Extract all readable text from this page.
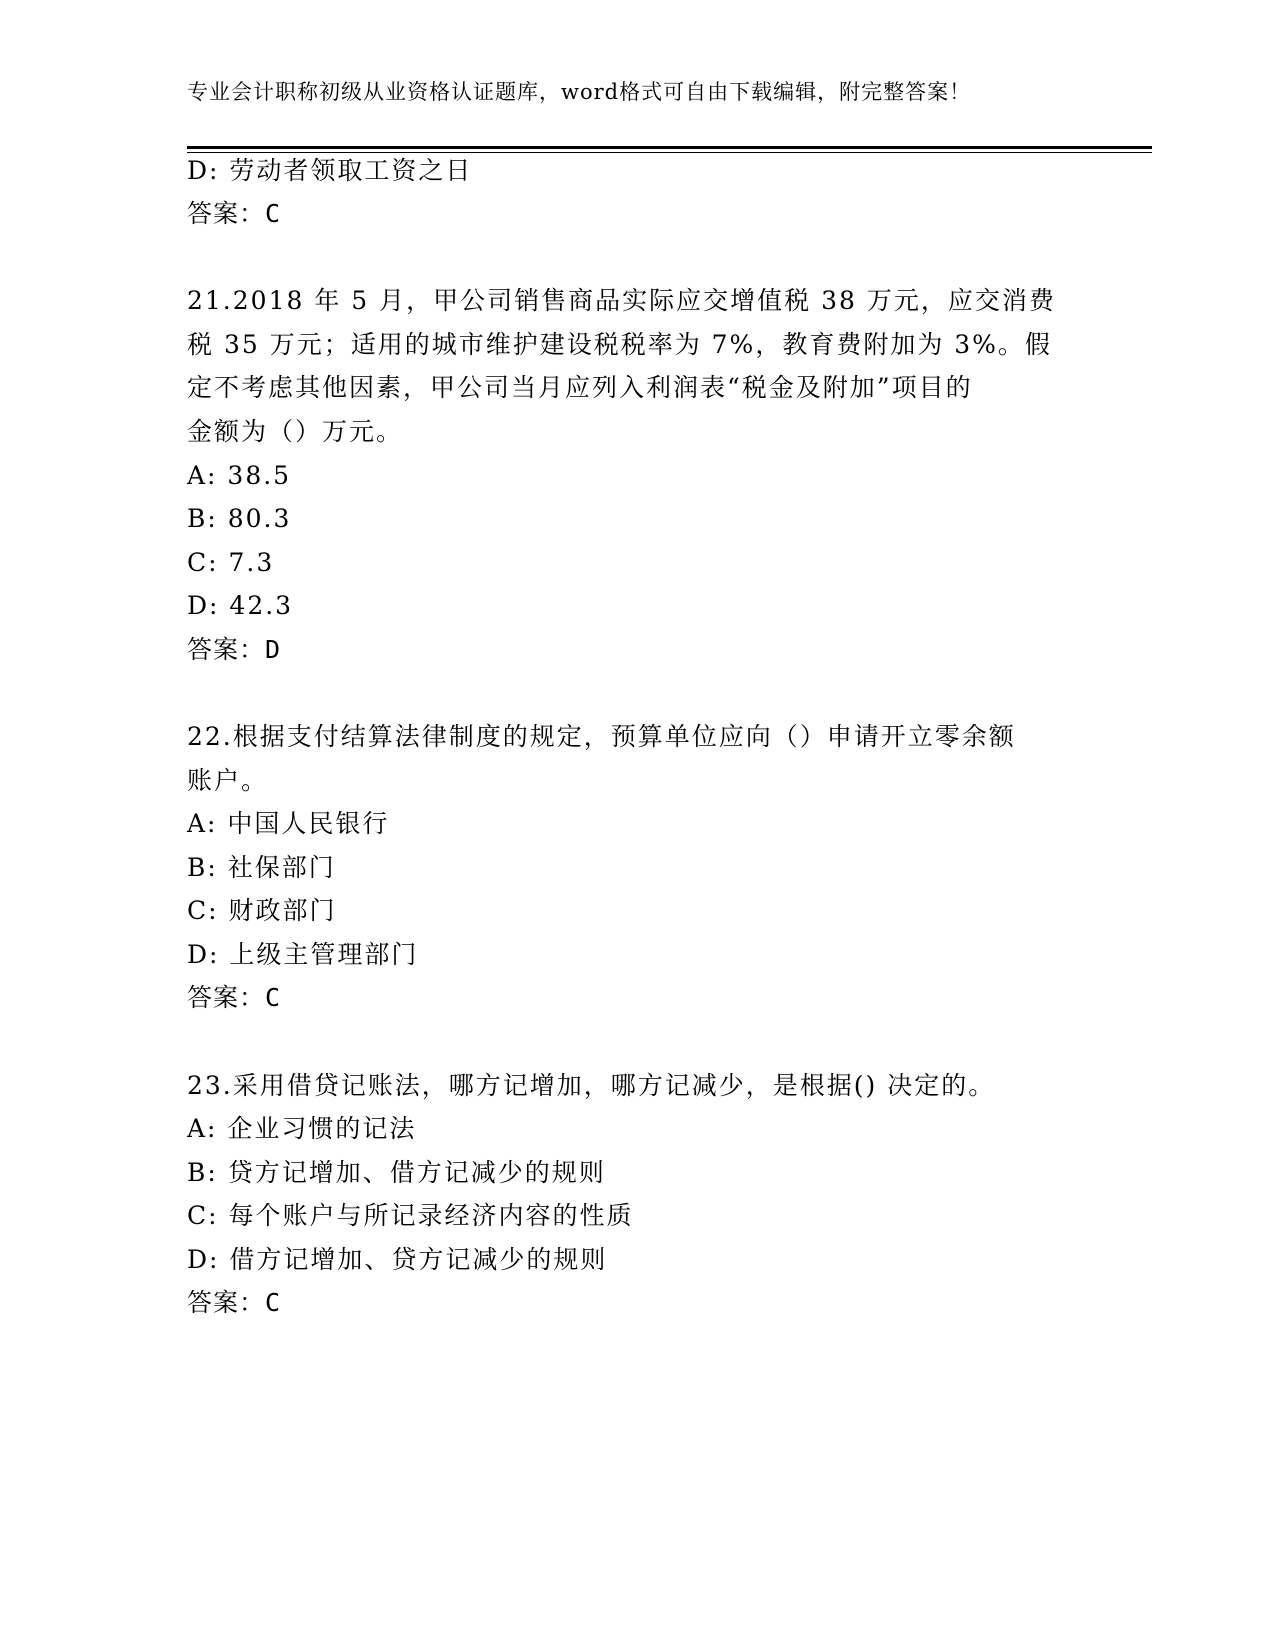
专业会计职称初级从业资格认证题库，word格式可自由下载编辑，附完整答案！
D: 劳动者领取工资之日
答案：C
21.2018 年 5 月，甲公司销售商品实际应交增值税 38 万元，应交消费
税 35 万元；适用的城市维护建设税税率为 7%，教育费附加为 3%。假
定不考虑其他因素，甲公司当月应列入利润表“税金及附加”项目的
金额为（）万元。
A: 38.5
B: 80.3
C: 7.3
D: 42.3
答案：D
22.根据支付结算法律制度的规定，预算单位应向（）申请开立零余额
账户。
A: 中国人民银行
B: 社保部门
C: 财政部门
D: 上级主管理部门
答案：C
23.采用借贷记账法，哪方记增加，哪方记减少，是根据() 决定的。
A: 企业习惯的记法
B: 贷方记增加、借方记减少的规则
C: 每个账户与所记录经济内容的性质
D: 借方记增加、贷方记减少的规则
答案：C
